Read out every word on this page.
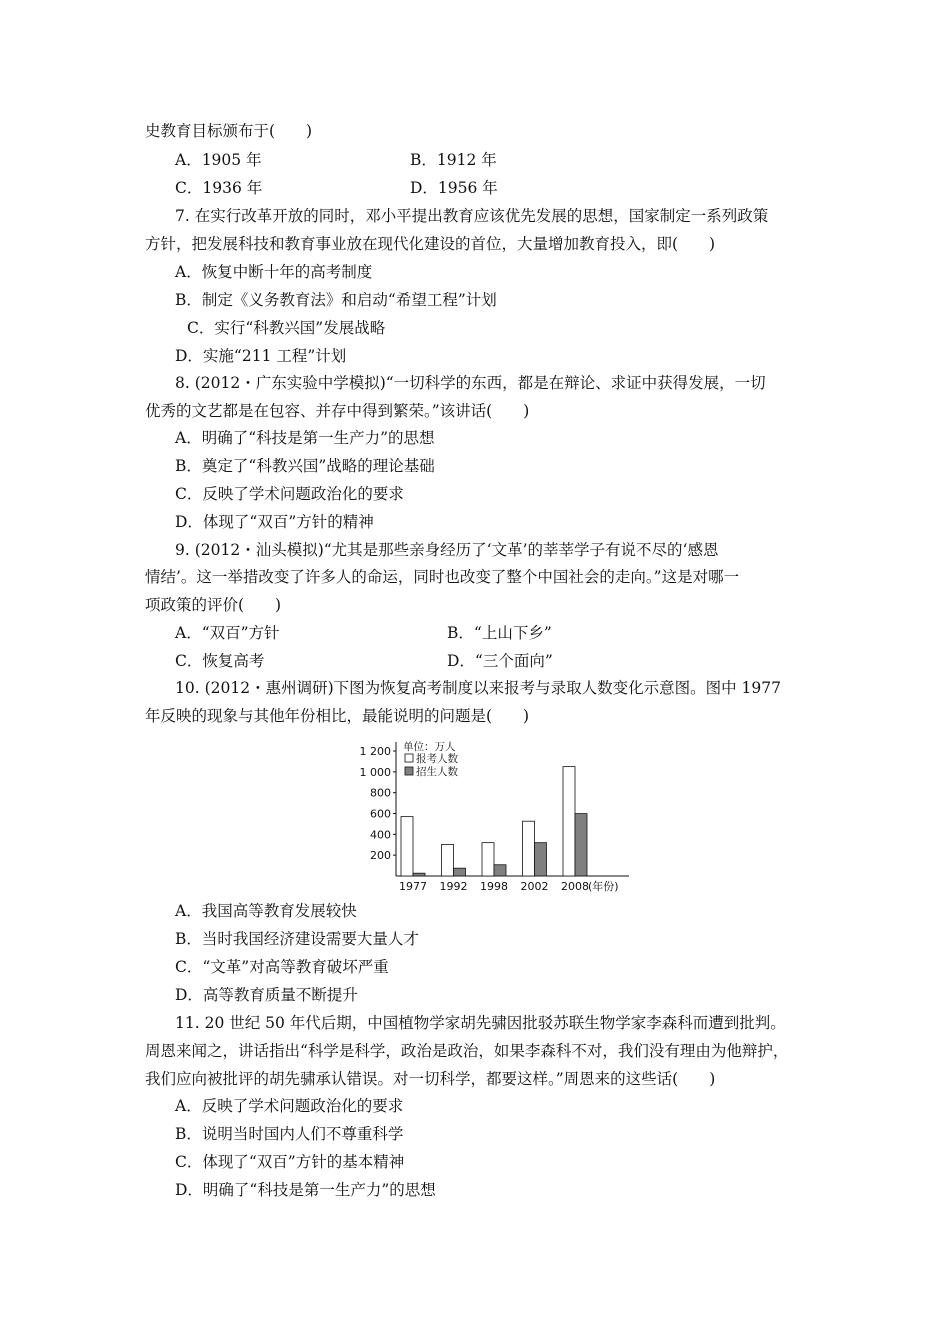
史教育目标颁布于(　　)
A．1905 年	B．1912 年
C．1936 年	D．1956 年
7. 在实行改革开放的同时，邓小平提出教育应该优先发展的思想，国家制定一系列政策
方针，把发展科技和教育事业放在现代化建设的首位，大量增加教育投入，即(　　)
A．恢复中断十年的高考制度
B．制定《义务教育法》和启动“希望工程”计划
C．实行“科教兴国”发展战略
D．实施“211 工程”计划
8. (2012・广东实验中学模拟)“一切科学的东西，都是在辩论、求证中获得发展，一切
优秀的文艺都是在包容、并存中得到繁荣。”该讲话(　　)
A．明确了“科技是第一生产力”的思想
B．奠定了“科教兴国”战略的理论基础
C．反映了学术问题政治化的要求
D．体现了“双百”方针的精神
9. (2012・汕头模拟)“尤其是那些亲身经历了‘文革’的莘莘学子有说不尽的‘感恩
情结’。这一举措改变了许多人的命运，同时也改变了整个中国社会的走向。”这是对哪一
项政策的评价(　　)
A．“双百”方针	B．“上山下乡”
C．恢复高考	D．“三个面向”
10. (2012・惠州调研)下图为恢复高考制度以来报考与录取人数变化示意图。图中 1977
年反映的现象与其他年份相比，最能说明的问题是(　　)
1 200
1 000
800
600
400
200
单位：万人
报考人数
招生人数
1977 1992 1998 2002 2008 (年份)
A．我国高等教育发展较快
B．当时我国经济建设需要大量人才
C．“文革”对高等教育破坏严重
D．高等教育质量不断提升
11. 20 世纪 50 年代后期，中国植物学家胡先骕因批驳苏联生物学家李森科而遭到批判。
周恩来闻之，讲话指出“科学是科学，政治是政治，如果李森科不对，我们没有理由为他辩护，
我们应向被批评的胡先骕承认错误。对一切科学，都要这样。”周恩来的这些话(　　)
A．反映了学术问题政治化的要求
B．说明当时国内人们不尊重科学
C．体现了“双百”方针的基本精神
D．明确了“科技是第一生产力”的思想
